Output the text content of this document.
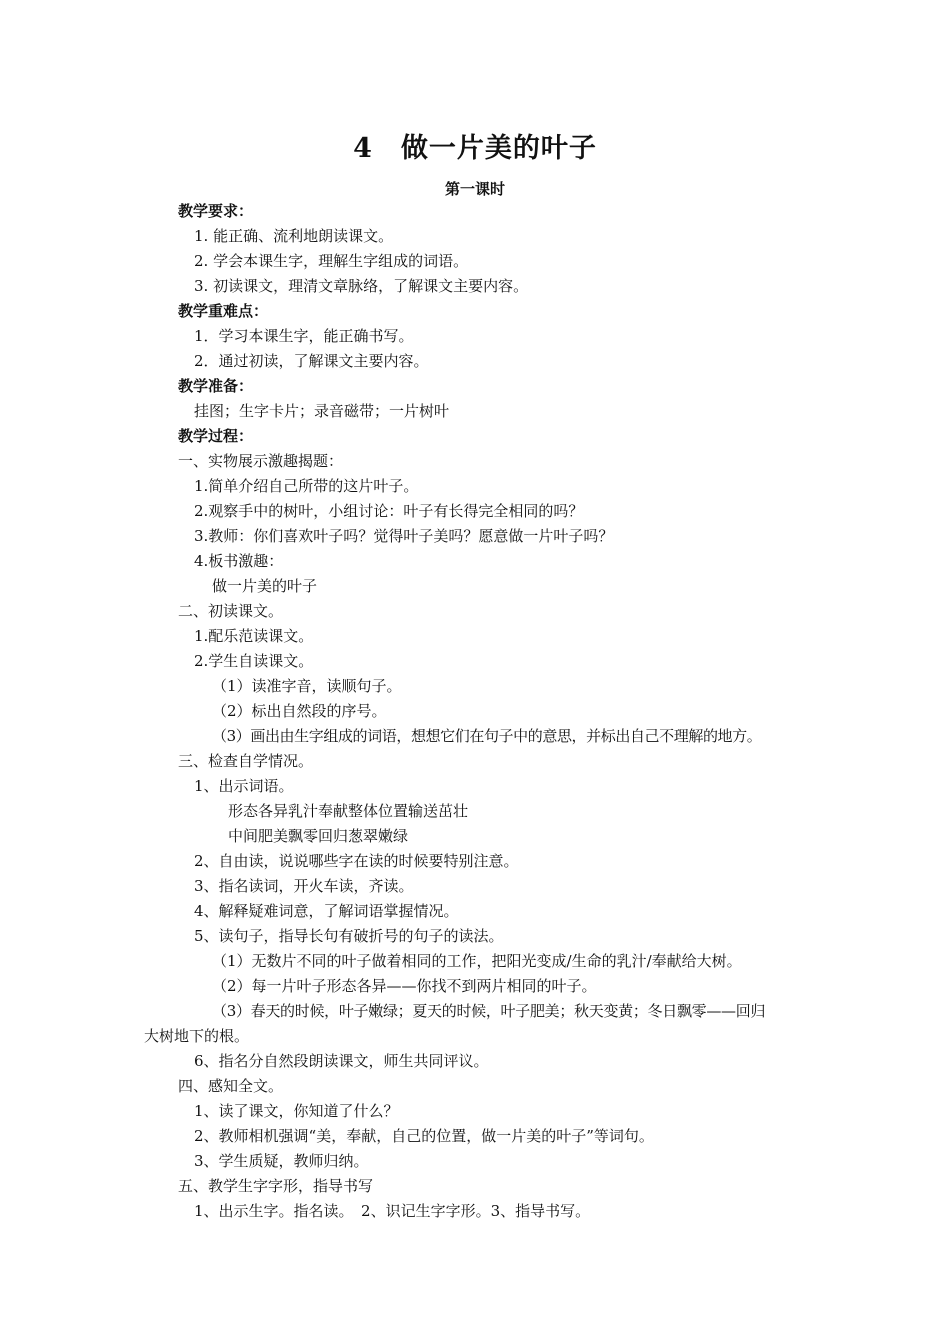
4　做一片美的叶子
第一课时
教学要求：
1. 能正确、流利地朗读课文。
2. 学会本课生字，理解生字组成的词语。
3. 初读课文，理清文章脉络，了解课文主要内容。
教学重难点：
1．学习本课生字，能正确书写。
2．通过初读，了解课文主要内容。
教学准备：
挂图；生字卡片；录音磁带；一片树叶
教学过程：
一、实物展示激趣揭题：
1.简单介绍自己所带的这片叶子。
2.观察手中的树叶，小组讨论：叶子有长得完全相同的吗？
3.教师：你们喜欢叶子吗？觉得叶子美吗？愿意做一片叶子吗？
4.板书激趣：
做一片美的叶子
二、初读课文。
1.配乐范读课文。
2.学生自读课文。
（1）读准字音，读顺句子。
（2）标出自然段的序号。
（3）画出由生字组成的词语，想想它们在句子中的意思，并标出自己不理解的地方。
三、检查自学情况。
1、出示词语。
形态各异乳汁奉献整体位置输送茁壮
中间肥美飘零回归葱翠嫩绿
2、自由读，说说哪些字在读的时候要特别注意。
3、指名读词，开火车读，齐读。
4、解释疑难词意，了解词语掌握情况。
5、读句子，指导长句有破折号的句子的读法。
（1）无数片不同的叶子做着相同的工作，把阳光变成/生命的乳汁/奉献给大树。
（2）每一片叶子形态各异——你找不到两片相同的叶子。
（3）春天的时候，叶子嫩绿；夏天的时候，叶子肥美；秋天变黄；冬日飘零——回归
大树地下的根。
6、指名分自然段朗读课文，师生共同评议。
四、感知全文。
1、读了课文，你知道了什么？
2、教师相机强调“美，奉献，自己的位置，做一片美的叶子”等词句。
3、学生质疑，教师归纳。
五、教学生字字形，指导书写
1、出示生字。指名读。　2、识记生字字形。3、指导书写。
